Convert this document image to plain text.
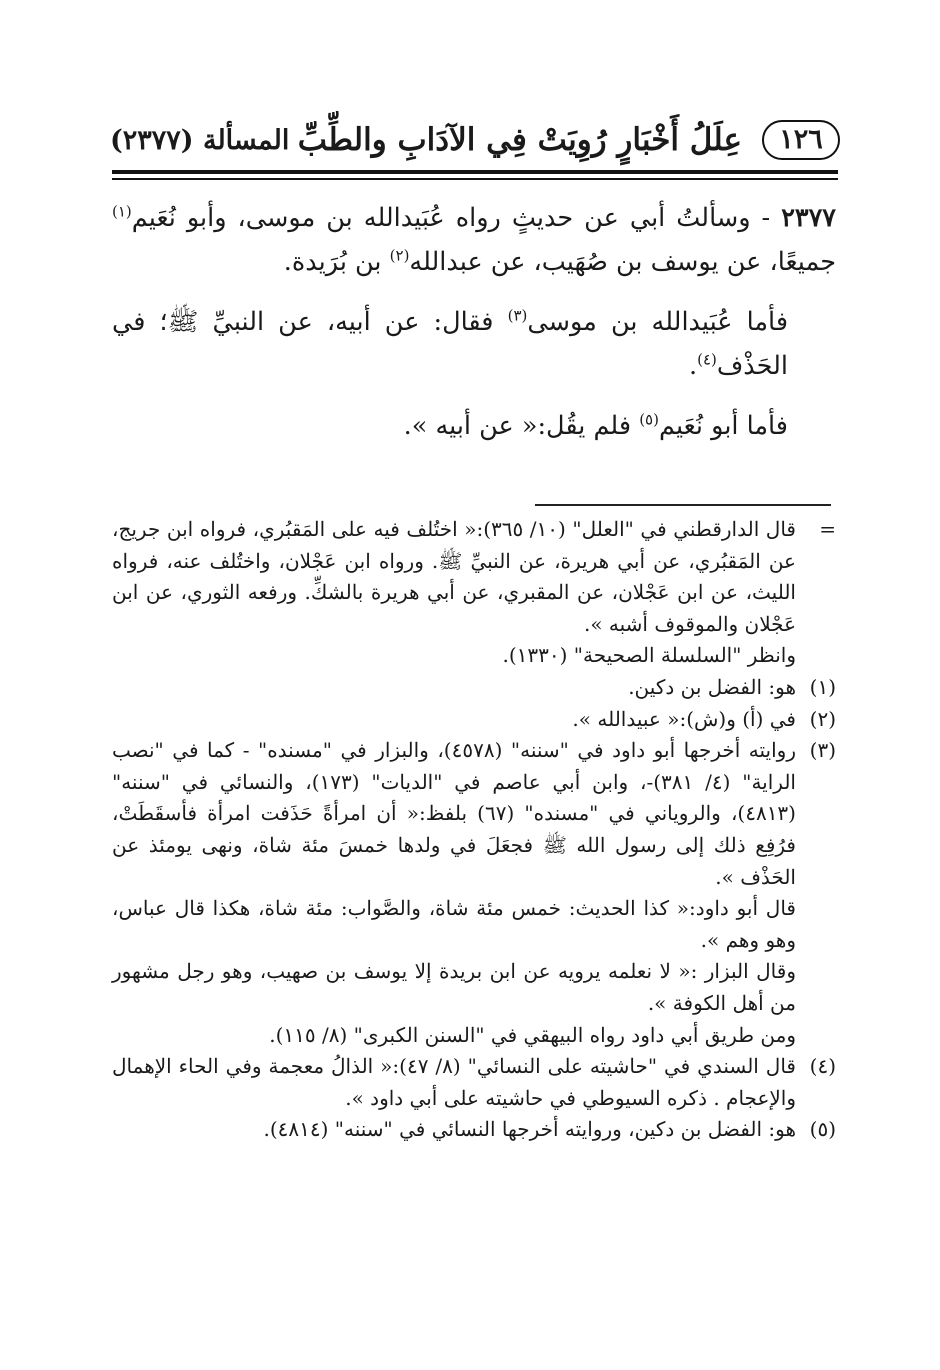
١٢٦
عِلَلُ أَخْبَارٍ رُوِيَتْ فِي الآدَابِ والطِّبِّ
المسألة (٢٣٧٧)

٢٣٧٧ - وسألتُ أبي عن حديثٍ رواه عُبَيدالله بن موسى، وأبو نُعَيم$^{(١)}$ جميعًا، عن يوسف بن صُهَيب، عن عبدالله$^{(٢)}$ بن بُرَيدة.

فأما عُبَيدالله بن موسى$^{(٣)}$ فقال: عن أبيه، عن النبيِّ ﷺ؛ في الحَذْف$^{(٤)}$.

فأما أبو نُعَيم$^{(٥)}$ فلم يقُل:« عن أبيه ».

=

قال الدارقطني في "العلل" (١٠/ ٣٦٥):« اختُلف فيه على المَقبُري، فرواه ابن جريج، عن المَقبُري، عن أبي هريرة، عن النبيِّ ﷺ. ورواه ابن عَجْلان، واختُلف عنه، فرواه الليث، عن ابن عَجْلان، عن المقبري، عن أبي هريرة بالشكِّ. ورفعه الثوري، عن ابن عَجْلان والموقوف أشبه ».

وانظر "السلسلة الصحيحة" (١٣٣٠).

(١)

هو: الفضل بن دكين.

(٢)

في (أ) و(ش):« عبيدالله ».

(٣)

روايته أخرجها أبو داود في "سننه" (٤٥٧٨)، والبزار في "مسنده" - كما في "نصب الراية" (٤/ ٣٨١)-، وابن أبي عاصم في "الديات" (١٧٣)، والنسائي في "سننه" (٤٨١٣)، والروياني في "مسنده" (٦٧) بلفظ:« أن امرأةً حَذَفت امرأة فأسقَطَتْ، فرُفِع ذلك إلى رسول الله ﷺ فجعَلَ في ولدها خمسَ مئة شاة، ونهى يومئذ عن الحَذْف ».

قال أبو داود:« كذا الحديث: خمس مئة شاة، والصَّواب: مئة شاة، هكذا قال عباس، وهو وهم ».

وقال البزار :« لا نعلمه يرويه عن ابن بريدة إلا يوسف بن صهيب، وهو رجل مشهور من أهل الكوفة ».

ومن طريق أبي داود رواه البيهقي في "السنن الكبرى" (٨/ ١١٥).

(٤)

قال السندي في "حاشيته على النسائي" (٨/ ٤٧):« الذالُ معجمة وفي الحاء الإهمال والإعجام . ذكره السيوطي في حاشيته على أبي داود ».

(٥)

هو: الفضل بن دكين، وروايته أخرجها النسائي في "سننه" (٤٨١٤).
